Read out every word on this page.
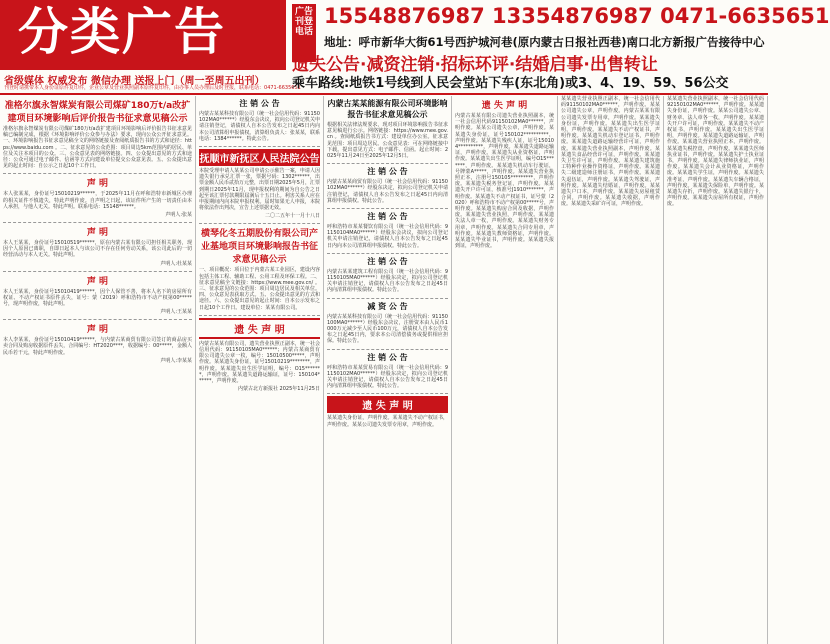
分类广告
省级媒体 权威发布 微信办理 送报上门（周一至周五出刊）
刊登时请携带本人身份证原件复印件，企业公章及营业执照副本原件复印件，由办事人员办理后及时登报，联系电话：0471-6635651
广告刊登电话
15548876987 13354876987 0471-6635651
地址：呼市新华大街61号西护城河巷(原内蒙古日报社西巷)南口北方新报广告接待中心
遗失公告·减资注销·招标环评·结婚启事·出售转让
乘车路线:地铁1号线到人民会堂站下车(东北角)或3、4、19、59、56公交
准格尔旗永智煤炭有限公司煤矿180万t/a改扩建项目环境影响后评价报告书征求意见稿公示
准格尔旗永智煤炭有限公司煤矿180万t/a改扩建项目环境影响后评价报告书征求意见稿已编制完成，根据《环境影响评价公众参与办法》要求，现向公众公开征求意见。一、环境影响报告书征求意见稿全文的网络链接及查阅纸质报告书的方式和途径：https://www.baidu.com 。二、征求意见的公众范围：项目周边5km范围内的居民、单位及关注本项目的公众。三、公众意见表的网络链接。四、公众提出意见的方式和途径：公众可通过电子邮件、信函等方式向建设单位提交公众意见表。五、公众提出意见的起止时间：自公示之日起10个工作日。
声 明
本人张某某，身份证号15010219******，于2025年11月在呼和浩特市新城区办理的相关证件不慎遗失，特此声明作废。自声明之日起，该证件所产生的一切责任由本人承担，与他人无关。特此声明。联系电话：15148******。
声明人:张某
声 明
本人王某某，身份证号15010519******，原在内蒙古某有限公司担任相关职务，现因个人原因已离职，自即日起本人与该公司不存在任何劳动关系，该公司此后的一切经营活动与本人无关。特此声明。
声明人:杜某某
声 明
本人王某某，身份证号15010419******，因个人保管不善，将本人名下的房屋所有权证、不动产权证书原件丢失，证号：蒙（2019）呼和浩特市不动产权第00*****号，现声明作废，特此声明。
声明人:王某某
声 明
本人李某某，身份证号15010419******，与内蒙古某商贸有限公司签订的商品房买卖合同及购房收据原件丢失，合同编号：HT2020****，收据编号：00*****，金额人民币若干元，特此声明作废。
声明人:李某某
注 销 公 告
内蒙古某某科技有限公司（统一社会信用代码：91150102MA0******）经股东会决议，拟向公司登记机关申请注销登记，请债权人自本公告发布之日起45日内向本公司清算组申报债权。清算组负责人：张某某，联系电话：1384******。特此公告。
抚顺市新抚区人民法院公告
本院受理申请人某某公司申请公示催告一案，申请人因遗失银行承兑汇票一张，票据号码：1302******，出票金额人民币贰拾万元整，出票日期2025年5月，汇票到期日2025年11月，现申报权利的期间为自公告之日起至该汇票付款期限届满后十五日止。利害关系人应在申报期间内向本院申报权利。届时如果无人申报，本院将依法作出判决，宣告上述票据无效。
二〇二五年十一月十八日
横琴化冬五期股份有限公司产业基地项目环境影响报告书征求意见稿公示
一、项目概况：项目位于内蒙古某工业园区，建设内容包括主体工程、辅助工程、公用工程及环保工程。二、征求意见稿全文链接：https://www.mee.gov.cn/ 。三、征求意见的公众范围：项目周边居民及相关单位。四、公众意见表获取方式。五、公众提出意见的方式和途径。六、公众提出意见的起止时间：自本公示发布之日起10个工作日。建设单位：某某有限公司。
遗 失 声 明
内蒙古某某有限公司，遗失营业执照正副本，统一社会信用代码：91150105MA0******；内蒙古某商贸有限公司遗失公章一枚，编号：15010500*****，声明作废。某某遗失身份证，证号15010219********，声明作废。某某遗失出生医学证明，编号：O15*******，声明作废。某某遗失道路运输证，证号：150104******，声明作废。
内蒙古北方新报社 2025年11月25日
内蒙古某某能源有限公司环境影响报告书征求意见稿公示
根据相关法律法规要求，现对项目环境影响报告书征求意见稿进行公示。网络链接：https://www.mee.gov.cn 。查阅纸质报告书方式：建设单位办公室。征求意见范围：项目周边居民。公众意见表：可在网络链接中下载。提出意见方式：电子邮件、信函。起止时间：2025年11月24日至2025年12月5日。
注 销 公 告
内蒙古某某商贸有限公司（统一社会信用代码：91150102MA0******）经股东决定，拟向公司登记机关申请注销登记，请债权人自本公告发布之日起45日内向清算组申报债权。特此公告。
注 销 公 告
呼和浩特市某某餐饮有限公司（统一社会信用代码：91150104MA0******）经股东会决议，拟向公司登记机关申请注销登记，请债权人自本公告发布之日起45日内向本公司清算组申报债权。特此公告。
注 销 公 告
内蒙古某某建筑工程有限公司（统一社会信用代码：91150105MA0******）经股东决定，拟向公司登记机关申请注销登记，请债权人自本公告发布之日起45日内向清算组申报债权。特此公告。
减 资 公 告
内蒙古某某科技有限公司（统一社会信用代码：91150100MA0******）经股东会决议，注册资本由人民币1000万元减少至人民币100万元，请债权人自本公告发布之日起45日内，要求本公司清偿债务或提供相应担保。特此公告。
注 销 公 告
呼和浩特市某某贸易有限公司（统一社会信用代码：91150102MA0******）经股东决定，拟向公司登记机关申请注销登记，请债权人自本公告发布之日起45日内向清算组申报债权。特此公告。
遗 失 声 明
某某遗失身份证，声明作废。某某遗失不动产权证书，声明作废。某某公司遗失发票专用章，声明作废。
遗 失 声 明
内蒙古某某有限公司遗失营业执照副本，统一社会信用代码91150102MA0******，声明作废。某某公司遗失公章，声明作废。某某遗失身份证，证号150102**********，声明作废。某某遗失残疾人证，证号150104**********，声明作废。某某遗失道路运输证，声明作废。某某遗失从业资格证，声明作废。某某遗失出生医学证明，编号O15*******，声明作废。某某遗失机动车行驶证，号牌蒙A*****，声明作废。某某遗失营业执照正本，注册号150105*********，声明作废。某某遗失税务登记证，声明作废。某某遗失开户许可证，核准号J1910*******，声明作废。某某遗失不动产权证书，证号蒙（2020）呼和浩特市不动产权第00*****号，声明作废。某某遗失购房合同及收据，声明作废。某某遗失营业执照，声明作废。某某遗失法人章一枚，声明作废。某某遗失财务专用章，声明作废。某某遗失合同专用章，声明作废。某某遗失教师资格证，声明作废。某某遗失毕业证书，声明作废。某某遗失报到证，声明作废。
某某遗失营业执照正副本，统一社会信用代码91150102MA0******，声明作废。某某公司遗失公章，声明作废。内蒙古某某有限公司遗失发票专用章，声明作废。某某遗失身份证，声明作废。某某遗失出生医学证明，声明作废。某某遗失不动产权证书，声明作废。某某遗失机动车登记证书，声明作废。某某遗失道路运输经营许可证，声明作废。某某遗失营业执照副本，声明作废。某某遗失食品经营许可证，声明作废。某某遗失卫生许可证，声明作废。某某遗失建筑施工特种作业操作资格证，声明作废。某某遗失二级建造师注册证书，声明作废。某某遗失退伍证，声明作废。某某遗失驾驶证，声明作废。某某遗失结婚证，声明作废。某某遗失户口本，声明作废。某某遗失房屋租赁合同，声明作废。某某遗失收据，声明作废。某某遗失采矿许可证，声明作废。
某某遗失营业执照副本，统一社会信用代码92150102MA0******，声明作废。某某遗失身份证，声明作废。某某公司遗失公章、财务章、法人章各一枚，声明作废。某某遗失开户许可证，声明作废。某某遗失不动产权证书，声明作废。某某遗失出生医学证明，声明作废。某某遗失道路运输证，声明作废。某某遗失营业执照正本，声明作废。某某遗失税控盘，声明作废。某某遗失医师执业证书，声明作废。某某遗失护士执业证书，声明作废。某某遗失律师执业证，声明作废。某某遗失会计从业资格证，声明作废。某某遗失学生证，声明作废。某某遗失准考证，声明作废。某某遗失车辆合格证，声明作废。某某遗失保险单，声明作废。某某遗失存折，声明作废。某某遗失银行卡，声明作废。某某遗失房屋所有权证，声明作废。
